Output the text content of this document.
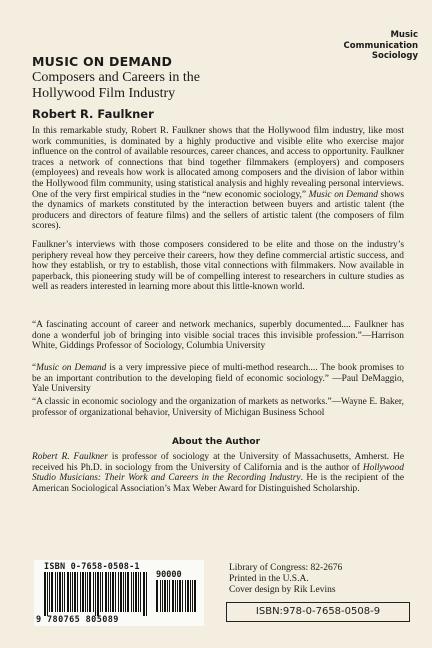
Music
Communication
Sociology
MUSIC ON DEMAND
Composers and Careers in the
Hollywood Film Industry
Robert R. Faulkner
In this remarkable study, Robert R. Faulkner shows that the Hollywood film industry, like most work communities, is dominated by a highly productive and visible elite who exercise major influence on the control of available resources, career chances, and access to opportunity. Faulkner traces a network of connections that bind together filmmakers (employers) and composers (employees) and reveals how work is allocated among composers and the division of labor within the Hollywood film community, using statistical analysis and highly revealing personal interviews. One of the very first empirical studies in the “new economic sociology,” Music on Demand shows the dynamics of markets constituted by the interaction between buyers and artistic talent (the producers and directors of feature films) and the sellers of artistic talent (the composers of film scores).
Faulkner’s interviews with those composers considered to be elite and those on the industry’s periphery reveal how they perceive their careers, how they define commercial artistic success, and how they establish, or try to establish, those vital connections with filmmakers. Now available in paperback, this pioneering study will be of compelling interest to researchers in culture studies as well as readers interested in learning more about this little-known world.
“A fascinating account of career and network mechanics, superbly documented.... Faulkner has done a wonderful job of bringing into visible social traces this invisible profession.”—Harrison White, Giddings Professor of Sociology, Columbia University
“Music on Demand is a very impressive piece of multi-method research.... The book promises to be an important contribution to the developing field of economic sociology.” —Paul DeMaggio, Yale University
“A classic in economic sociology and the organization of markets as networks.”—Wayne E. Baker, professor of organizational behavior, University of Michigan Business School
About the Author
Robert R. Faulkner is professor of sociology at the University of Massachusetts, Amherst. He received his Ph.D. in sociology from the University of California and is the author of Hollywood Studio Musicians: Their Work and Careers in the Recording Industry. He is the recipient of the American Sociological Association’s Max Weber Award for Distinguished Scholarship.
ISBN 0-7658-0508-1
90000
9 780765 805089
Library of Congress: 82-2676
Printed in the U.S.A.
Cover design by Rik Levins
ISBN:978-0-7658-0508-9
